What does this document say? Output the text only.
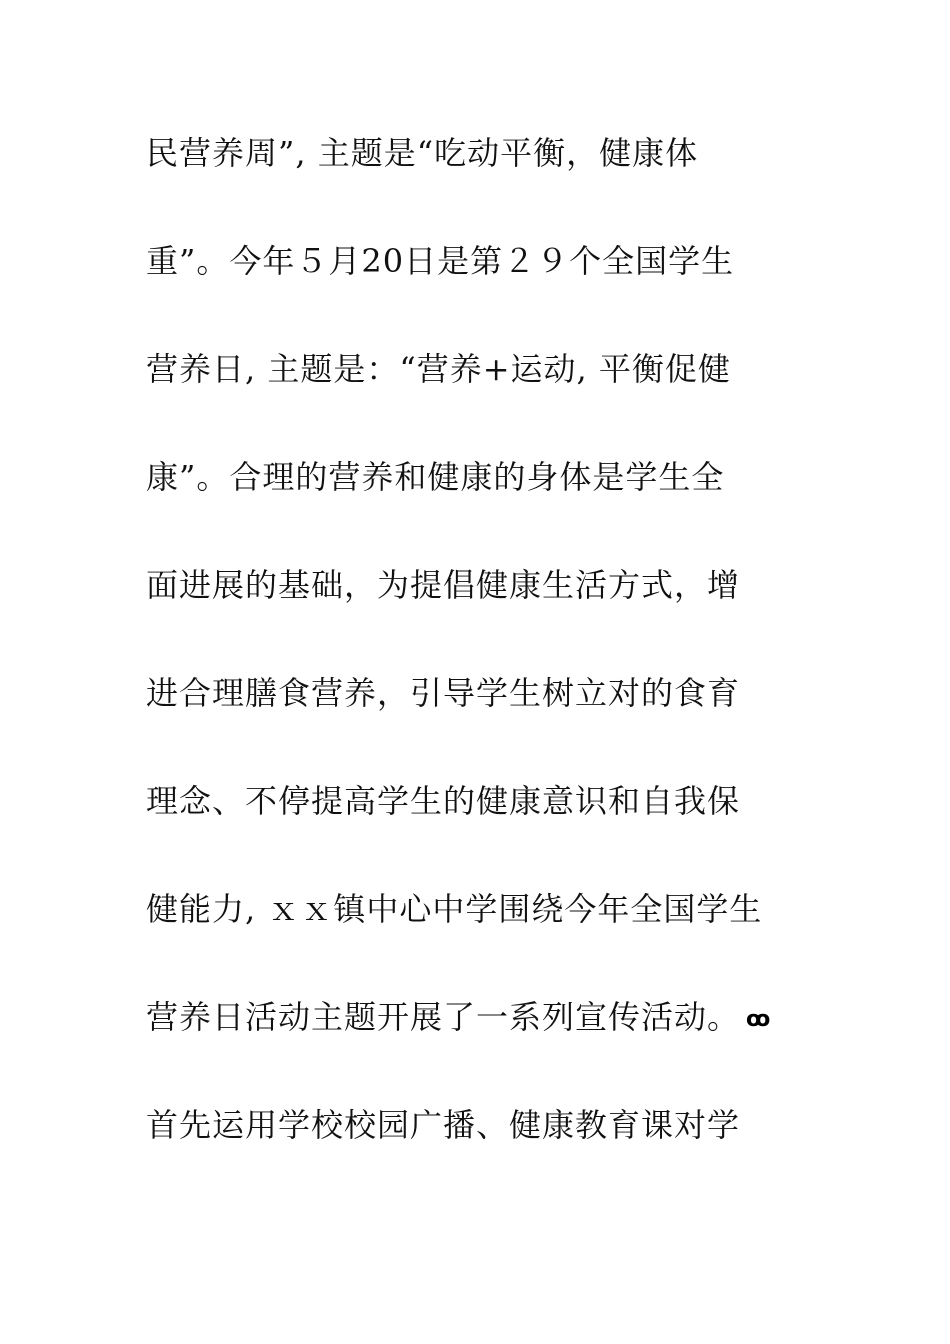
民营养周”, 主题是“吃动平衡，健康体
重”。今年５月20日是第２９个全国学生
营养日, 主题是：“营养+运动, 平衡促健
康”。合理的营养和健康的身体是学生全
面进展的基础，为提倡健康生活方式，增
进合理膳食营养，引导学生树立对的食育
理念、不停提高学生的健康意识和自我保
健能力, ｘｘ镇中心中学围绕今年全国学生
营养日活动主题开展了一系列宣传活动。 ꚙ
首先运用学校校园广播、健康教育课对学
